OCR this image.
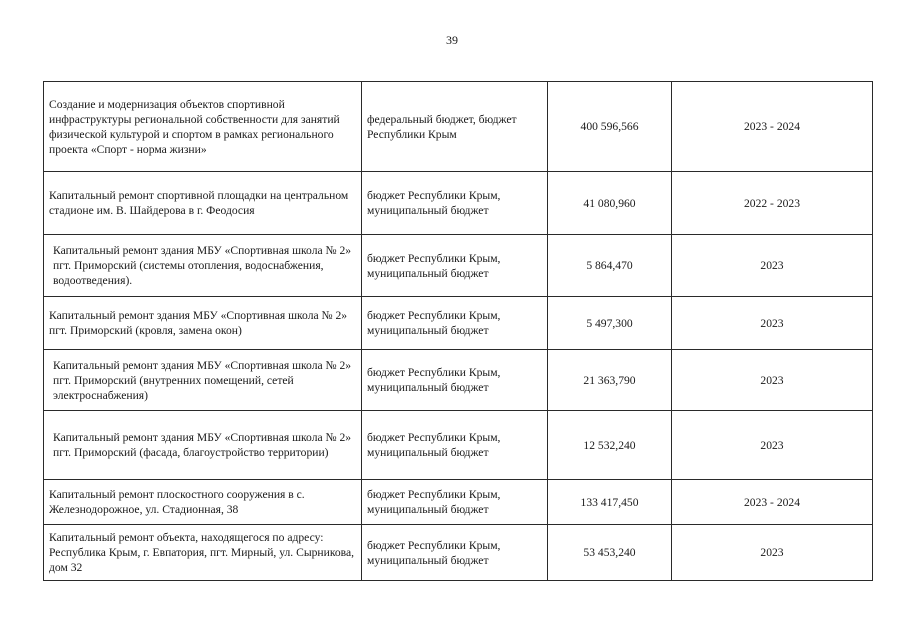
39
Создание и модернизация объектов спортивной инфраструктуры региональной собственности для занятий физической культурой и спортом в рамках регионального проекта «Спорт - норма жизни»	федеральный бюджет, бюджет Республики Крым	400 596,566	2023 - 2024
Капитальный ремонт спортивной площадки на центральном стадионе им. В. Шайдерова в г. Феодосия	бюджет Республики Крым, муниципальный бюджет	41 080,960	2022 - 2023
Капитальный ремонт здания МБУ «Спортивная школа № 2» пгт. Приморский (системы отопления, водоснабжения, водоотведения).	бюджет Республики Крым, муниципальный бюджет	5 864,470	2023
Капитальный ремонт здания МБУ «Спортивная школа № 2» пгт. Приморский (кровля, замена окон)	бюджет Республики Крым, муниципальный бюджет	5 497,300	2023
Капитальный ремонт здания МБУ «Спортивная школа № 2» пгт. Приморский (внутренних помещений, сетей электроснабжения)	бюджет Республики Крым, муниципальный бюджет	21 363,790	2023
Капитальный ремонт здания МБУ «Спортивная школа № 2» пгт. Приморский (фасада, благоустройство территории)	бюджет Республики Крым, муниципальный бюджет	12 532,240	2023
Капитальный ремонт плоскостного сооружения в с. Железнодорожное, ул. Стадионная, 38	бюджет Республики Крым, муниципальный бюджет	133 417,450	2023 - 2024
Капитальный ремонт объекта, находящегося по адресу: Республика Крым, г. Евпатория, пгт. Мирный, ул. Сырникова, дом 32	бюджет Республики Крым, муниципальный бюджет	53 453,240	2023
